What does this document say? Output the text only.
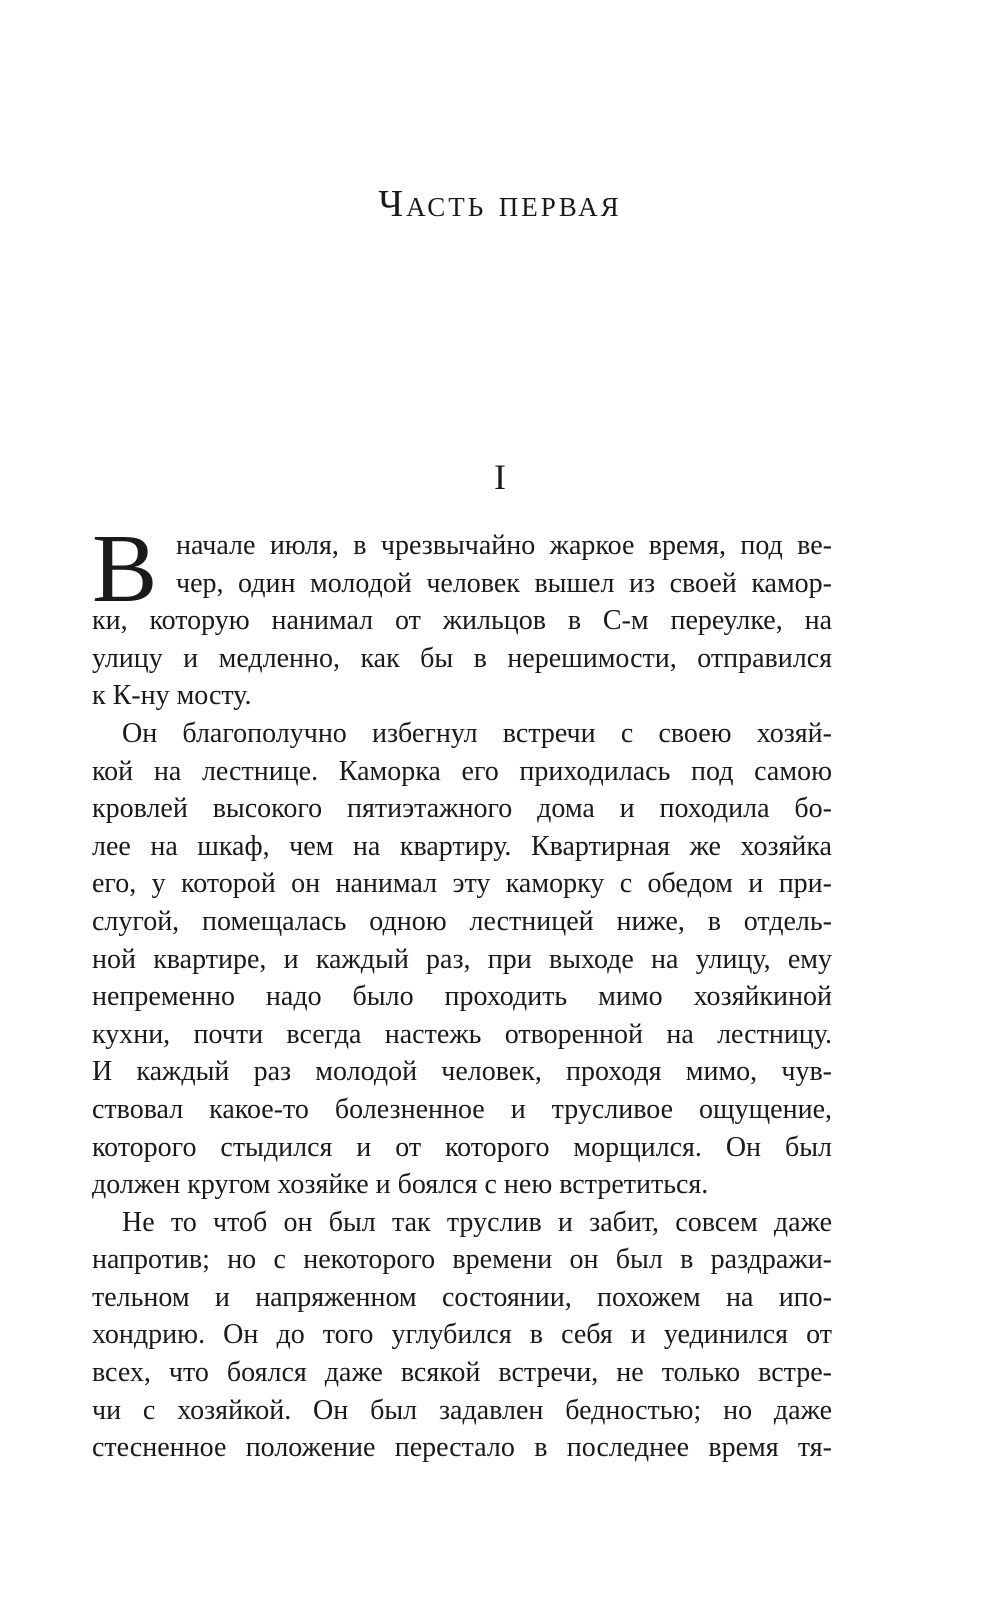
Часть первая
I
В начале июля, в чрезвычайно жаркое время, под ве-
чер, один молодой человек вышел из своей камор-
ки, которую нанимал от жильцов в С-м переулке, на
улицу и медленно, как бы в нерешимости, отправился
к К-ну мосту.
Он благополучно избегнул встречи с своею хозяй-
кой на лестнице. Каморка его приходилась под самою
кровлей высокого пятиэтажного дома и походила бо-
лее на шкаф, чем на квартиру. Квартирная же хозяйка
его, у которой он нанимал эту каморку с обедом и при-
слугой, помещалась одною лестницей ниже, в отдель-
ной квартире, и каждый раз, при выходе на улицу, ему
непременно надо было проходить мимо хозяйкиной
кухни, почти всегда настежь отворенной на лестницу.
И каждый раз молодой человек, проходя мимо, чув-
ствовал какое-то болезненное и трусливое ощущение,
которого стыдился и от которого морщился. Он был
должен кругом хозяйке и боялся с нею встретиться.
Не то чтоб он был так труслив и забит, совсем даже
напротив; но с некоторого времени он был в раздражи-
тельном и напряженном состоянии, похожем на ипо-
хондрию. Он до того углубился в себя и уединился от
всех, что боялся даже всякой встречи, не только встре-
чи с хозяйкой. Он был задавлен бедностью; но даже
стесненное положение перестало в последнее время тя-
